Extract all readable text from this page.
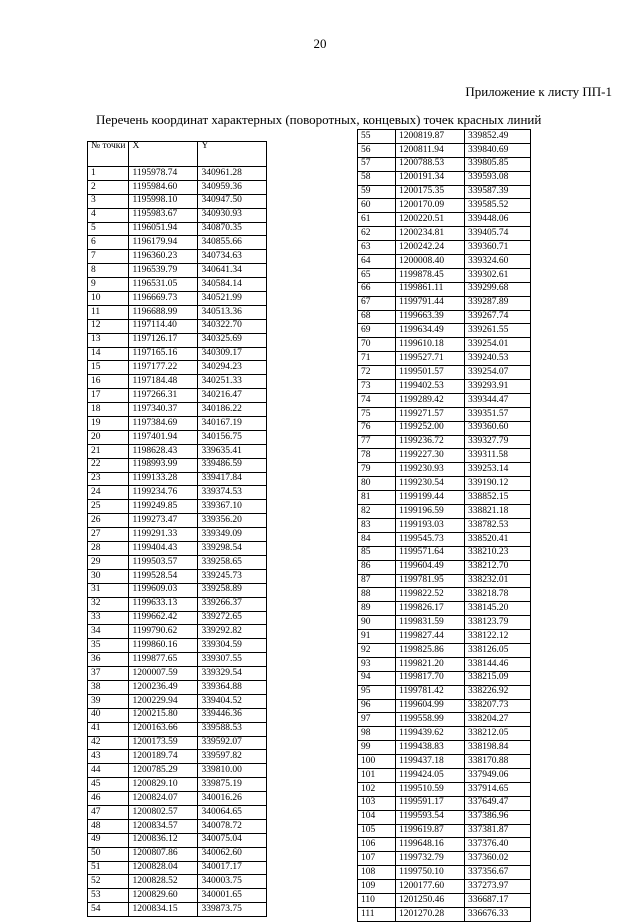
20
Приложение к листу ПП-1
Перечень координат характерных (поворотных, концевых) точек красных линий
№ точки	X	Y
1	1195978.74	340961.28
2	1195984.60	340959.36
3	1195998.10	340947.50
4	1195983.67	340930.93
5	1196051.94	340870.35
6	1196179.94	340855.66
7	1196360.23	340734.63
8	1196539.79	340641.34
9	1196531.05	340584.14
10	1196669.73	340521.99
11	1196688.99	340513.36
12	1197114.40	340322.70
13	1197126.17	340325.69
14	1197165.16	340309.17
15	1197177.22	340294.23
16	1197184.48	340251.33
17	1197266.31	340216.47
18	1197340.37	340186.22
19	1197384.69	340167.19
20	1197401.94	340156.75
21	1198628.43	339635.41
22	1198993.99	339486.59
23	1199133.28	339417.84
24	1199234.76	339374.53
25	1199249.85	339367.10
26	1199273.47	339356.20
27	1199291.33	339349.09
28	1199404.43	339298.54
29	1199503.57	339258.65
30	1199528.54	339245.73
31	1199609.03	339258.89
32	1199633.13	339266.37
33	1199662.42	339272.65
34	1199790.62	339292.82
35	1199860.16	339304.59
36	1199877.65	339307.55
37	1200007.59	339329.54
38	1200236.49	339364.88
39	1200229.94	339404.52
40	1200215.80	339446.36
41	1200163.66	339588.53
42	1200173.59	339592.07
43	1200189.74	339597.82
44	1200785.29	339810.00
45	1200829.10	339875.19
46	1200824.07	340016.26
47	1200802.57	340064.65
48	1200834.57	340078.72
49	1200836.12	340075.04
50	1200807.86	340062.60
51	1200828.04	340017.17
52	1200828.52	340003.75
53	1200829.60	340001.65
54	1200834.15	339873.75
55	1200819.87	339852.49
56	1200811.94	339840.69
57	1200788.53	339805.85
58	1200191.34	339593.08
59	1200175.35	339587.39
60	1200170.09	339585.52
61	1200220.51	339448.06
62	1200234.81	339405.74
63	1200242.24	339360.71
64	1200008.40	339324.60
65	1199878.45	339302.61
66	1199861.11	339299.68
67	1199791.44	339287.89
68	1199663.39	339267.74
69	1199634.49	339261.55
70	1199610.18	339254.01
71	1199527.71	339240.53
72	1199501.57	339254.07
73	1199402.53	339293.91
74	1199289.42	339344.47
75	1199271.57	339351.57
76	1199252.00	339360.60
77	1199236.72	339327.79
78	1199227.30	339311.58
79	1199230.93	339253.14
80	1199230.54	339190.12
81	1199199.44	338852.15
82	1199196.59	338821.18
83	1199193.03	338782.53
84	1199545.73	338520.41
85	1199571.64	338210.23
86	1199604.49	338212.70
87	1199781.95	338232.01
88	1199822.52	338218.78
89	1199826.17	338145.20
90	1199831.59	338123.79
91	1199827.44	338122.12
92	1199825.86	338126.05
93	1199821.20	338144.46
94	1199817.70	338215.09
95	1199781.42	338226.92
96	1199604.99	338207.73
97	1199558.99	338204.27
98	1199439.62	338212.05
99	1199438.83	338198.84
100	1199437.18	338170.88
101	1199424.05	337949.06
102	1199510.59	337914.65
103	1199591.17	337649.47
104	1199593.54	337386.96
105	1199619.87	337381.87
106	1199648.16	337376.40
107	1199732.79	337360.02
108	1199750.10	337356.67
109	1200177.60	337273.97
110	1201250.46	336687.17
111	1201270.28	336676.33
